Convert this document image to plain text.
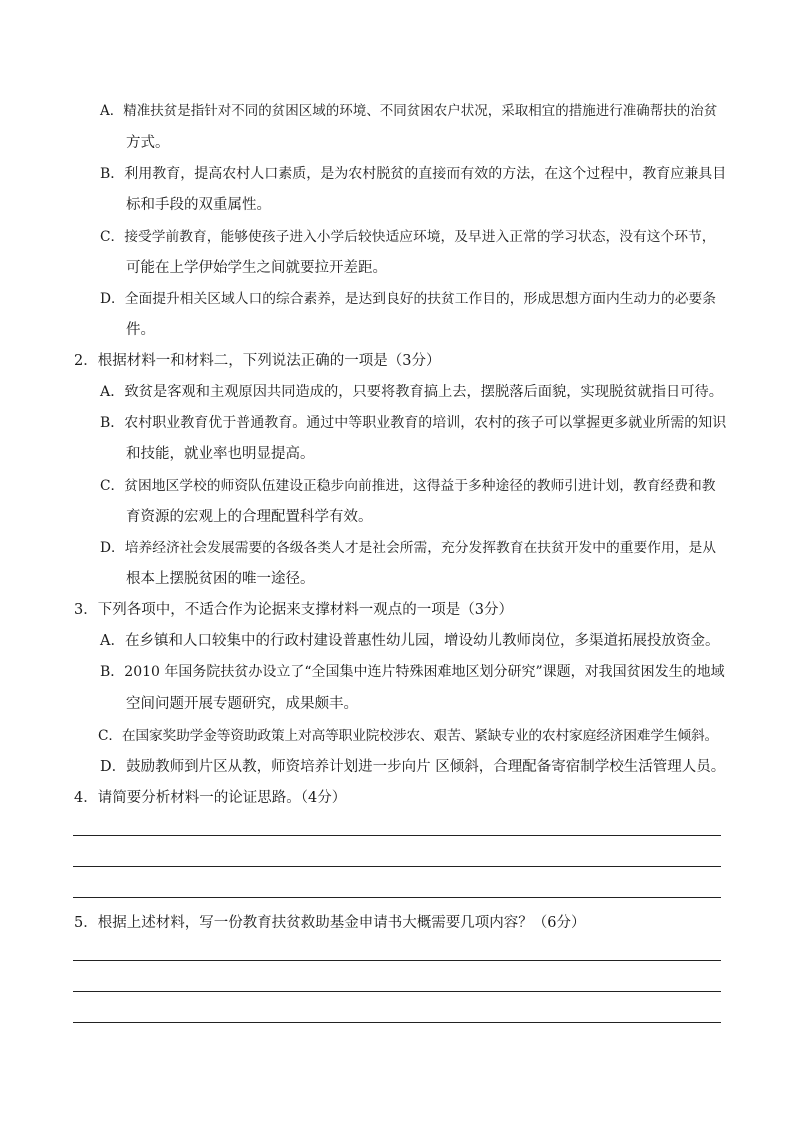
A．精准扶贫是指针对不同的贫困区域的环境、不同贫困农户状况，采取相宜的措施进行准确帮扶的治贫
方式。
B．利用教育，提高农村人口素质，是为农村脱贫的直接而有效的方法，在这个过程中，教育应兼具目
标和手段的双重属性。
C．接受学前教育，能够使孩子进入小学后较快适应环境，及早进入正常的学习状态，没有这个环节，
可能在上学伊始学生之间就要拉开差距。
D．全面提升相关区域人口的综合素养，是达到良好的扶贫工作目的，形成思想方面内生动力的必要条
件。
2．根据材料一和材料二，下列说法正确的一项是（3分）
A．致贫是客观和主观原因共同造成的，只要将教育搞上去，摆脱落后面貌，实现脱贫就指日可待。
B．农村职业教育优于普通教育。通过中等职业教育的培训，农村的孩子可以掌握更多就业所需的知识
和技能，就业率也明显提高。
C．贫困地区学校的师资队伍建设正稳步向前推进，这得益于多种途径的教师引进计划，教育经费和教
育资源的宏观上的合理配置科学有效。
D．培养经济社会发展需要的各级各类人才是社会所需，充分发挥教育在扶贫开发中的重要作用，是从
根本上摆脱贫困的唯一途径。
3．下列各项中，不适合作为论据来支撑材料一观点的一项是（3分）
A．在乡镇和人口较集中的行政村建设普惠性幼儿园，增设幼儿教师岗位，多渠道拓展投放资金。
B．2010 年国务院扶贫办设立了“全国集中连片特殊困难地区划分研究”课题，对我国贫困发生的地域
空间问题开展专题研究，成果颇丰。
C．在国家奖助学金等资助政策上对高等职业院校涉农、艰苦、紧缺专业的农村家庭经济困难学生倾斜。
D．鼓励教师到片区从教，师资培养计划进一步向片 区倾斜，合理配备寄宿制学校生活管理人员。
4．请简要分析材料一的论证思路。（4分）
5．根据上述材料，写一份教育扶贫救助基金申请书大概需要几项内容？（6分）
